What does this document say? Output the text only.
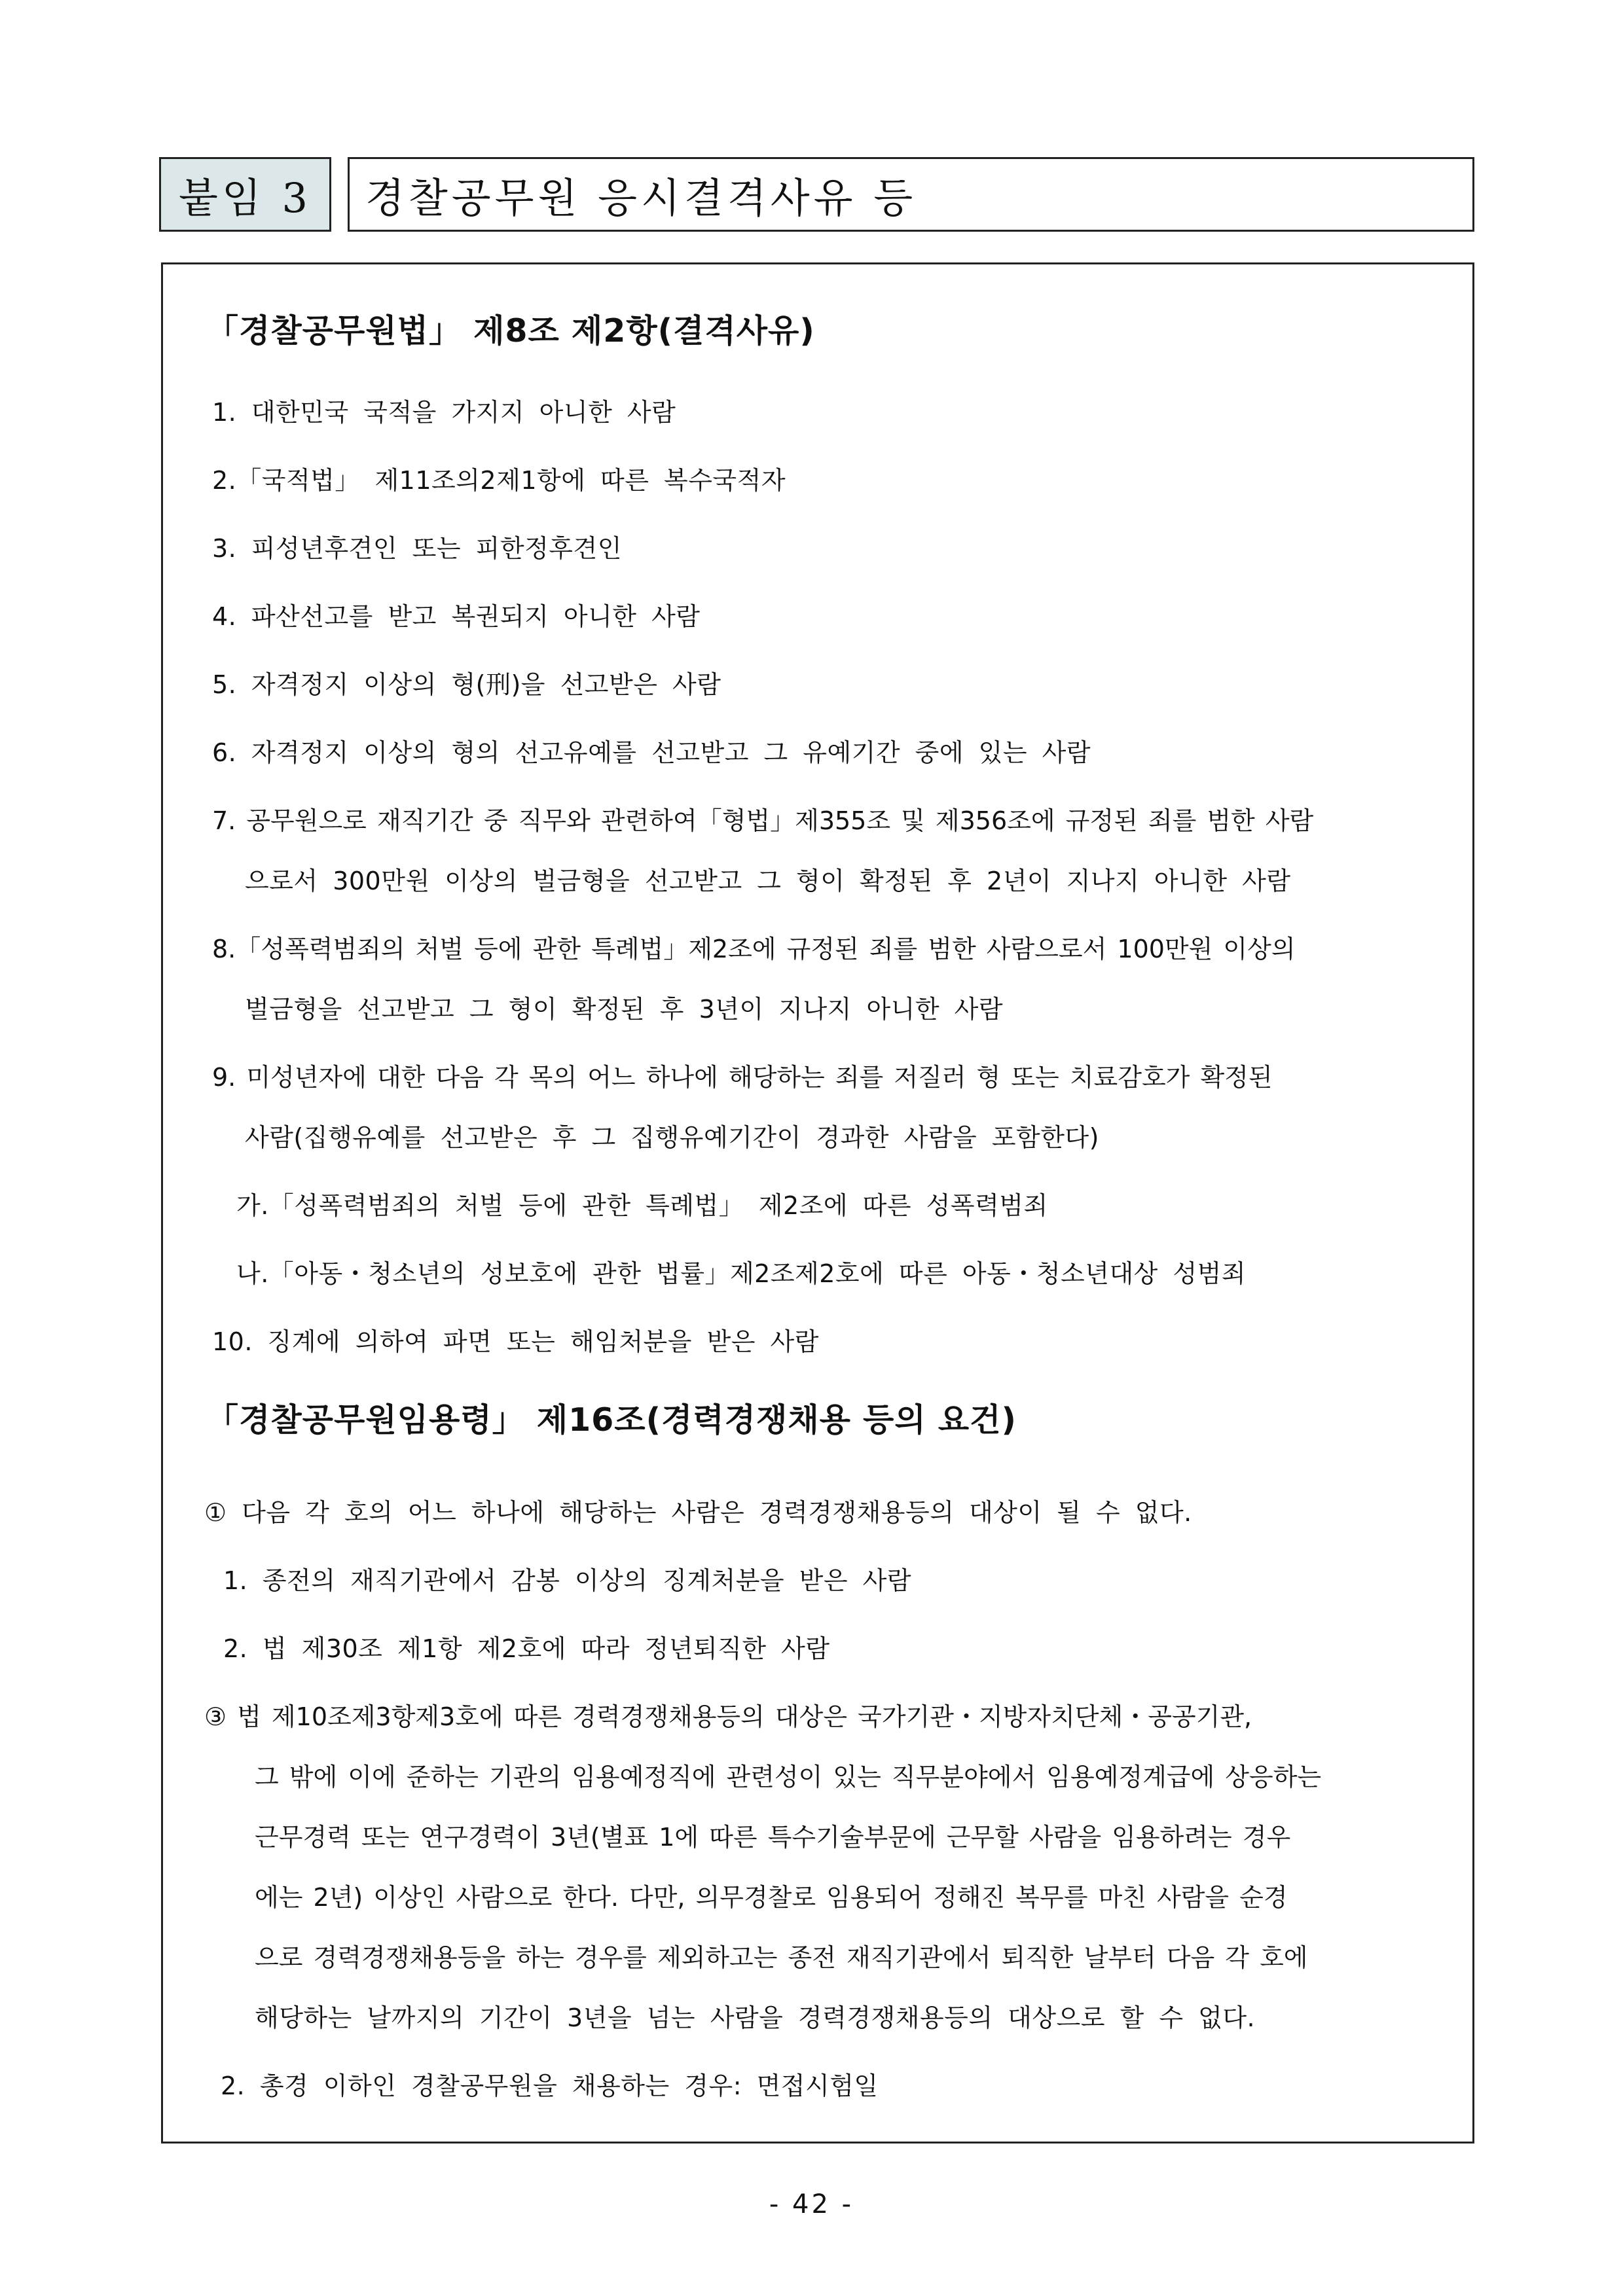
붙임 3	경찰공무원 응시결격사유 등
「경찰공무원법」 제8조 제2항(결격사유)
1. 대한민국 국적을 가지지 아니한 사람
2.「국적법」 제11조의2제1항에 따른 복수국적자
3. 피성년후견인 또는 피한정후견인
4. 파산선고를 받고 복권되지 아니한 사람
5. 자격정지 이상의 형(刑)을 선고받은 사람
6. 자격정지 이상의 형의 선고유예를 선고받고 그 유예기간 중에 있는 사람
7. 공무원으로 재직기간 중 직무와 관련하여「형법」제355조 및 제356조에 규정된 죄를 범한 사람
으로서 300만원 이상의 벌금형을 선고받고 그 형이 확정된 후 2년이 지나지 아니한 사람
8.「성폭력범죄의 처벌 등에 관한 특례법」제2조에 규정된 죄를 범한 사람으로서 100만원 이상의
벌금형을 선고받고 그 형이 확정된 후 3년이 지나지 아니한 사람
9. 미성년자에 대한 다음 각 목의 어느 하나에 해당하는 죄를 저질러 형 또는 치료감호가 확정된
사람(집행유예를 선고받은 후 그 집행유예기간이 경과한 사람을 포함한다)
가.「성폭력범죄의 처벌 등에 관한 특례법」 제2조에 따른 성폭력범죄
나.「아동・청소년의 성보호에 관한 법률」제2조제2호에 따른 아동・청소년대상 성범죄
10. 징계에 의하여 파면 또는 해임처분을 받은 사람
「경찰공무원임용령」 제16조(경력경쟁채용 등의 요건)
① 다음 각 호의 어느 하나에 해당하는 사람은 경력경쟁채용등의 대상이 될 수 없다.
1. 종전의 재직기관에서 감봉 이상의 징계처분을 받은 사람
2. 법 제30조 제1항 제2호에 따라 정년퇴직한 사람
③ 법 제10조제3항제3호에 따른 경력경쟁채용등의 대상은 국가기관・지방자치단체・공공기관,
그 밖에 이에 준하는 기관의 임용예정직에 관련성이 있는 직무분야에서 임용예정계급에 상응하는
근무경력 또는 연구경력이 3년(별표 1에 따른 특수기술부문에 근무할 사람을 임용하려는 경우
에는 2년) 이상인 사람으로 한다. 다만, 의무경찰로 임용되어 정해진 복무를 마친 사람을 순경
으로 경력경쟁채용등을 하는 경우를 제외하고는 종전 재직기관에서 퇴직한 날부터 다음 각 호에
해당하는 날까지의 기간이 3년을 넘는 사람을 경력경쟁채용등의 대상으로 할 수 없다.
2. 총경 이하인 경찰공무원을 채용하는 경우: 면접시험일
- 42 -
